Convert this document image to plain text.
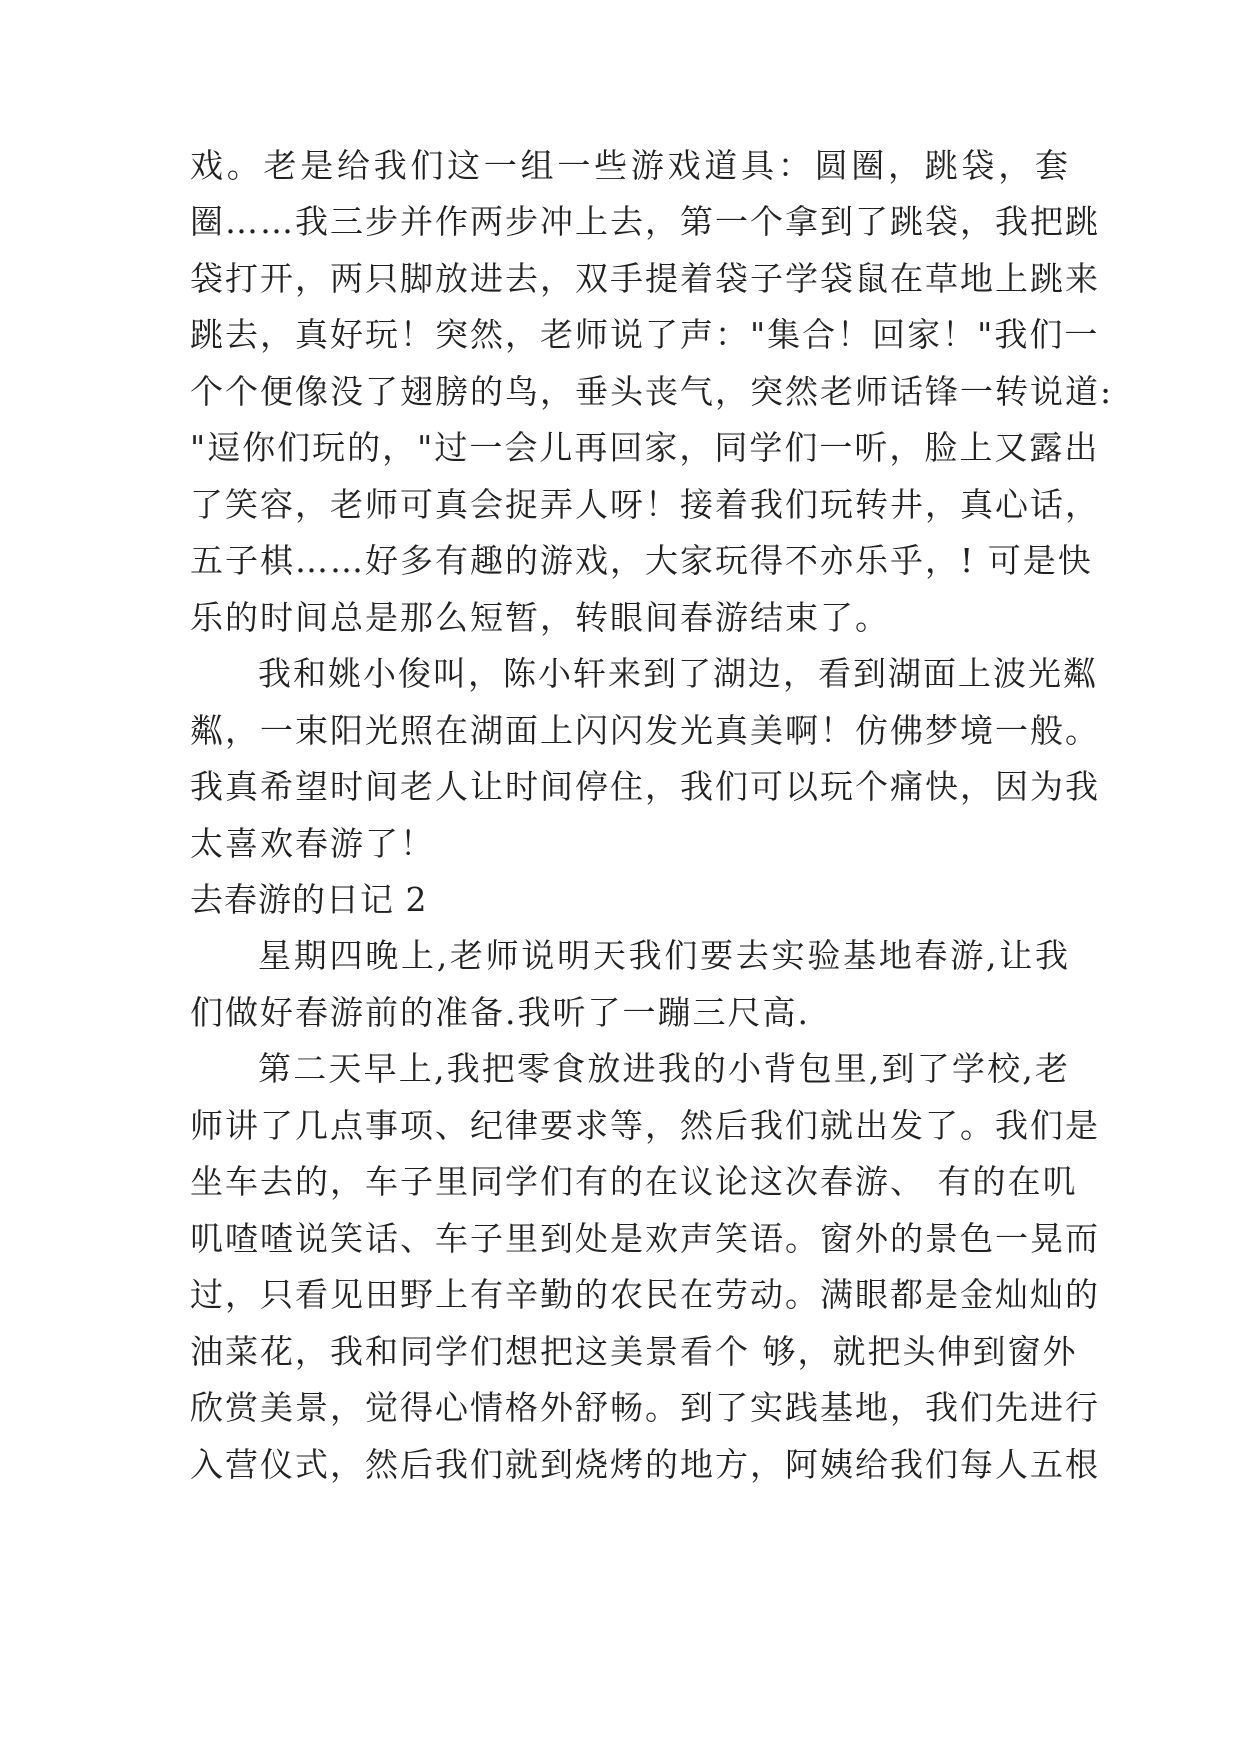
戏。老是给我们这一组一些游戏道具：圆圈，跳袋，套
圈……我三步并作两步冲上去，第一个拿到了跳袋，我把跳
袋打开，两只脚放进去，双手提着袋子学袋鼠在草地上跳来
跳去，真好玩！突然，老师说了声："集合！回家！"我们一
个个便像没了翅膀的鸟，垂头丧气，突然老师话锋一转说道:
"逗你们玩的，"过一会儿再回家，同学们一听，脸上又露出
了笑容，老师可真会捉弄人呀！接着我们玩转井，真心话，
五子棋……好多有趣的游戏，大家玩得不亦乐乎，! 可是快
乐的时间总是那么短暂，转眼间春游结束了。
我和姚小俊叫，陈小轩来到了湖边，看到湖面上波光粼
粼，一束阳光照在湖面上闪闪发光真美啊！仿佛梦境一般。
我真希望时间老人让时间停住，我们可以玩个痛快，因为我
太喜欢春游了！
去春游的日记 2
星期四晚上,老师说明天我们要去实验基地春游,让我
们做好春游前的准备.我听了一蹦三尺高.
第二天早上,我把零食放进我的小背包里,到了学校,老
师讲了几点事项、纪律要求等，然后我们就出发了。我们是
坐车去的，车子里同学们有的在议论这次春游、 有的在叽
叽喳喳说笑话、车子里到处是欢声笑语。窗外的景色一晃而
过，只看见田野上有辛勤的农民在劳动。满眼都是金灿灿的
油菜花，我和同学们想把这美景看个 够，就把头伸到窗外
欣赏美景，觉得心情格外舒畅。到了实践基地，我们先进行
入营仪式，然后我们就到烧烤的地方，阿姨给我们每人五根
